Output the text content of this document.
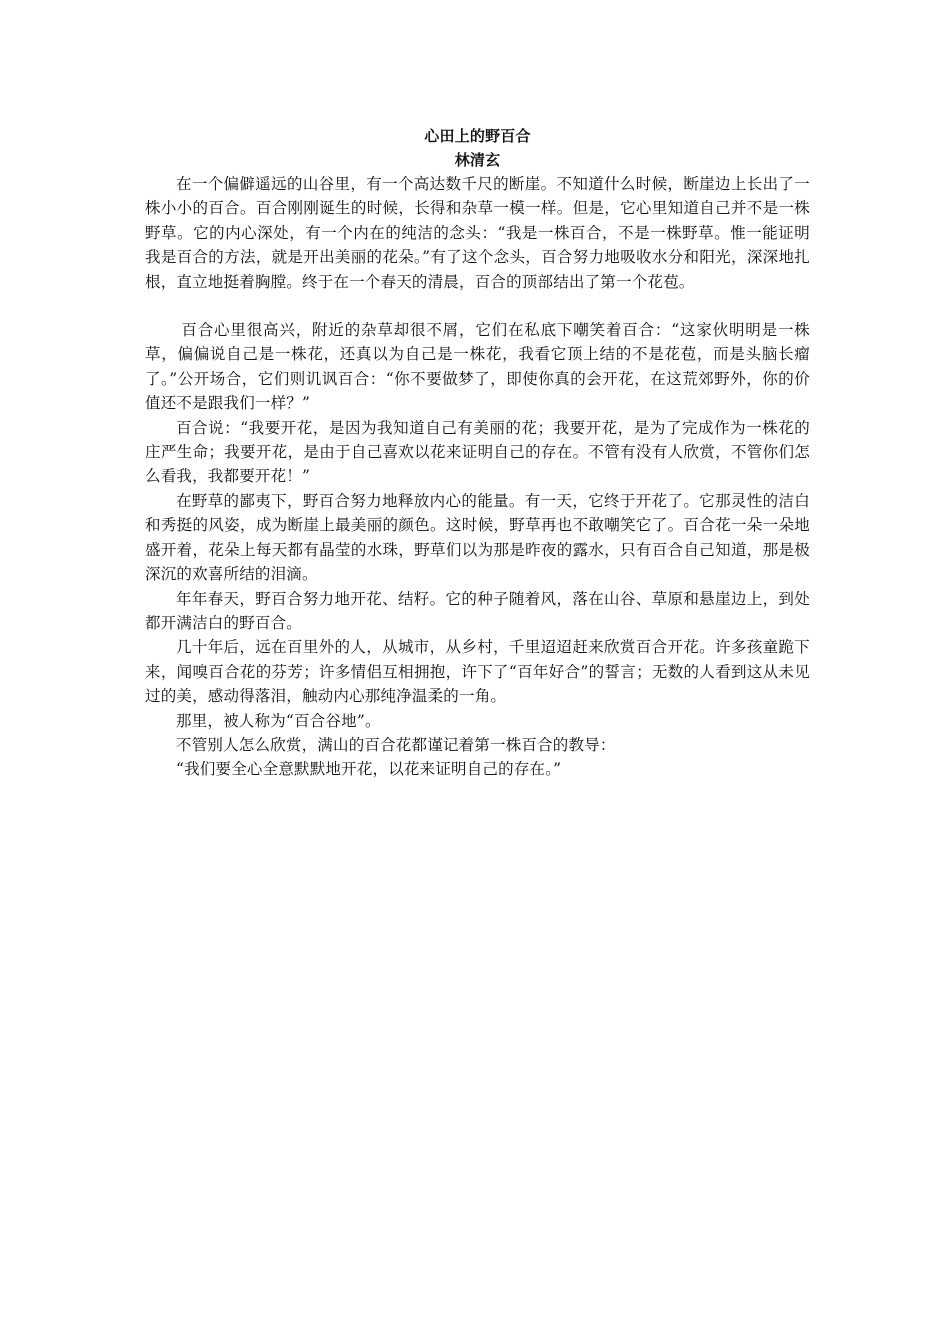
心田上的野百合

林清玄

在一个偏僻遥远的山谷里，有一个高达数千尺的断崖。不知道什么时候，断崖边上长出了一株小小的百合。百合刚刚诞生的时候，长得和杂草一模一样。但是，它心里知道自己并不是一株野草。它的内心深处，有一个内在的纯洁的念头：“我是一株百合，不是一株野草。惟一能证明我是百合的方法，就是开出美丽的花朵。”有了这个念头，百合努力地吸收水分和阳光，深深地扎根，直立地挺着胸膛。终于在一个春天的清晨，百合的顶部结出了第一个花苞。

百合心里很高兴，附近的杂草却很不屑，它们在私底下嘲笑着百合：“这家伙明明是一株草，偏偏说自己是一株花，还真以为自己是一株花，我看它顶上结的不是花苞，而是头脑长瘤了。”公开场合，它们则讥讽百合：“你不要做梦了，即使你真的会开花，在这荒郊野外，你的价值还不是跟我们一样？”

百合说：“我要开花，是因为我知道自己有美丽的花；我要开花，是为了完成作为一株花的庄严生命；我要开花，是由于自己喜欢以花来证明自己的存在。不管有没有人欣赏，不管你们怎么看我，我都要开花！”

在野草的鄙夷下，野百合努力地释放内心的能量。有一天，它终于开花了。它那灵性的洁白和秀挺的风姿，成为断崖上最美丽的颜色。这时候，野草再也不敢嘲笑它了。百合花一朵一朵地盛开着，花朵上每天都有晶莹的水珠，野草们以为那是昨夜的露水，只有百合自己知道，那是极深沉的欢喜所结的泪滴。

年年春天，野百合努力地开花、结籽。它的种子随着风，落在山谷、草原和悬崖边上，到处都开满洁白的野百合。

几十年后，远在百里外的人，从城市，从乡村，千里迢迢赶来欣赏百合开花。许多孩童跪下来，闻嗅百合花的芬芳；许多情侣互相拥抱，许下了“百年好合”的誓言；无数的人看到这从未见过的美，感动得落泪，触动内心那纯净温柔的一角。

那里，被人称为“百合谷地”。

不管别人怎么欣赏，满山的百合花都谨记着第一株百合的教导：

“我们要全心全意默默地开花，以花来证明自己的存在。”
